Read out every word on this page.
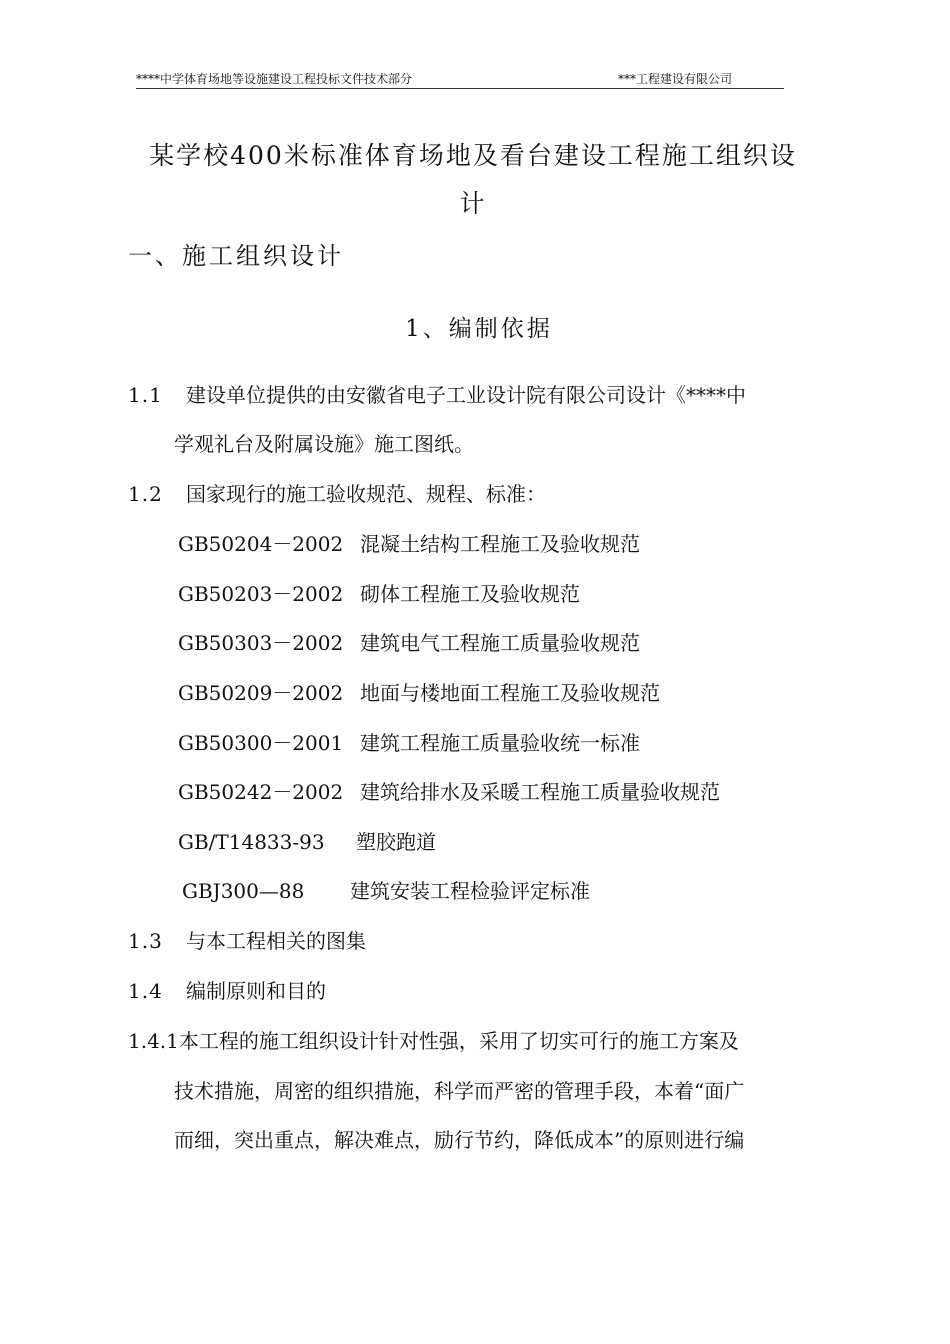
****中学体育场地等设施建设工程投标文件技术部分	***工程建设有限公司
某学校400米标准体育场地及看台建设工程施工组织设
计
一、施工组织设计
1、编制依据
1.1 建设单位提供的由安徽省电子工业设计院有限公司设计《****中
学观礼台及附属设施》施工图纸。
1.2 国家现行的施工验收规范、规程、标准：
GB50204－2002 混凝土结构工程施工及验收规范
GB50203－2002 砌体工程施工及验收规范
GB50303－2002 建筑电气工程施工质量验收规范
GB50209－2002 地面与楼地面工程施工及验收规范
GB50300－2001 建筑工程施工质量验收统一标准
GB50242－2002 建筑给排水及采暖工程施工质量验收规范
GB/T14833-93 塑胶跑道
GBJ300—88 建筑安装工程检验评定标准
1.3 与本工程相关的图集
1.4 编制原则和目的
1.4.1本工程的施工组织设计针对性强，采用了切实可行的施工方案及
技术措施，周密的组织措施，科学而严密的管理手段，本着“面广
而细，突出重点，解决难点，励行节约，降低成本”的原则进行编
